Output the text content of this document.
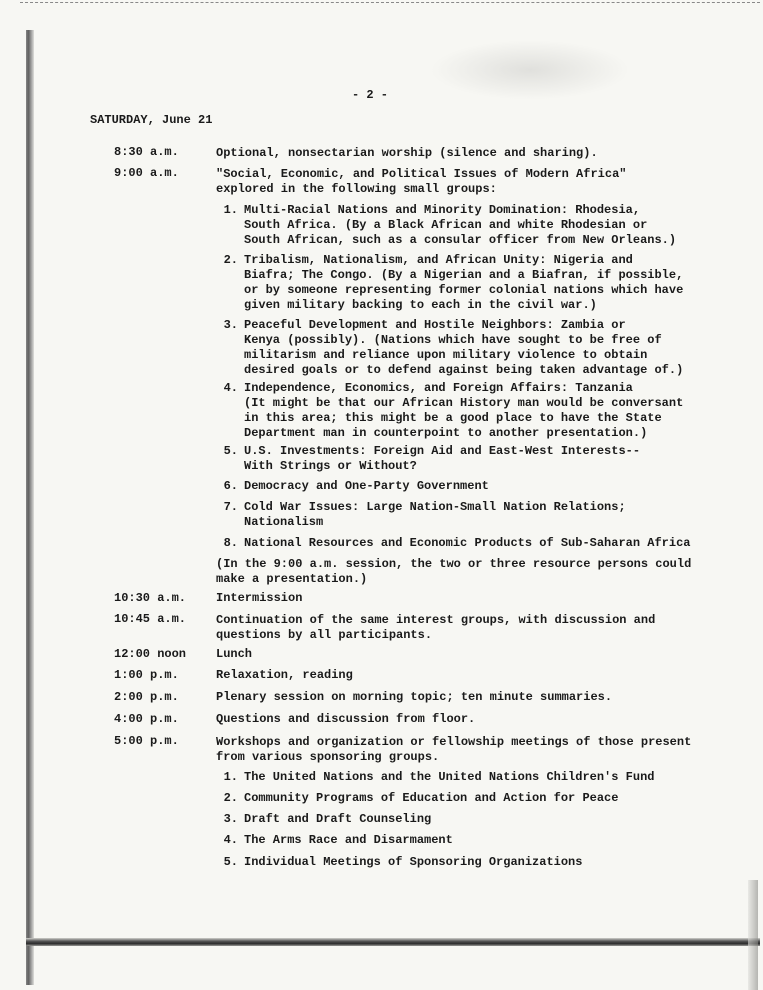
- 2 -
SATURDAY, June 21
8:30 a.m.	Optional, nonsectarian worship (silence and sharing).
9:00 a.m.	"Social, Economic, and Political Issues of Modern Africa"
explored in the following small groups:
1. Multi-Racial Nations and Minority Domination: Rhodesia,
South Africa. (By a Black African and white Rhodesian or
South African, such as a consular officer from New Orleans.)
2. Tribalism, Nationalism, and African Unity: Nigeria and
Biafra; The Congo. (By a Nigerian and a Biafran, if possible,
or by someone representing former colonial nations which have
given military backing to each in the civil war.)
3. Peaceful Development and Hostile Neighbors: Zambia or
Kenya (possibly). (Nations which have sought to be free of
militarism and reliance upon military violence to obtain
desired goals or to defend against being taken advantage of.)
4. Independence, Economics, and Foreign Affairs: Tanzania
(It might be that our African History man would be conversant
in this area; this might be a good place to have the State
Department man in counterpoint to another presentation.)
5. U.S. Investments: Foreign Aid and East-West Interests--
With Strings or Without?
6. Democracy and One-Party Government
7. Cold War Issues: Large Nation-Small Nation Relations;
Nationalism
8. National Resources and Economic Products of Sub-Saharan Africa
(In the 9:00 a.m. session, the two or three resource persons could
make a presentation.)
10:30 a.m. Intermission
10:45 a.m. Continuation of the same interest groups, with discussion and
questions by all participants.
12:00 noon Lunch
1:00 p.m.	Relaxation, reading
2:00 p.m.	Plenary session on morning topic; ten minute summaries.
4:00 p.m.	Questions and discussion from floor.
5:00 p.m.	Workshops and organization or fellowship meetings of those present
from various sponsoring groups.
1. The United Nations and the United Nations Children's Fund
2. Community Programs of Education and Action for Peace
3. Draft and Draft Counseling
4. The Arms Race and Disarmament
5. Individual Meetings of Sponsoring Organizations
